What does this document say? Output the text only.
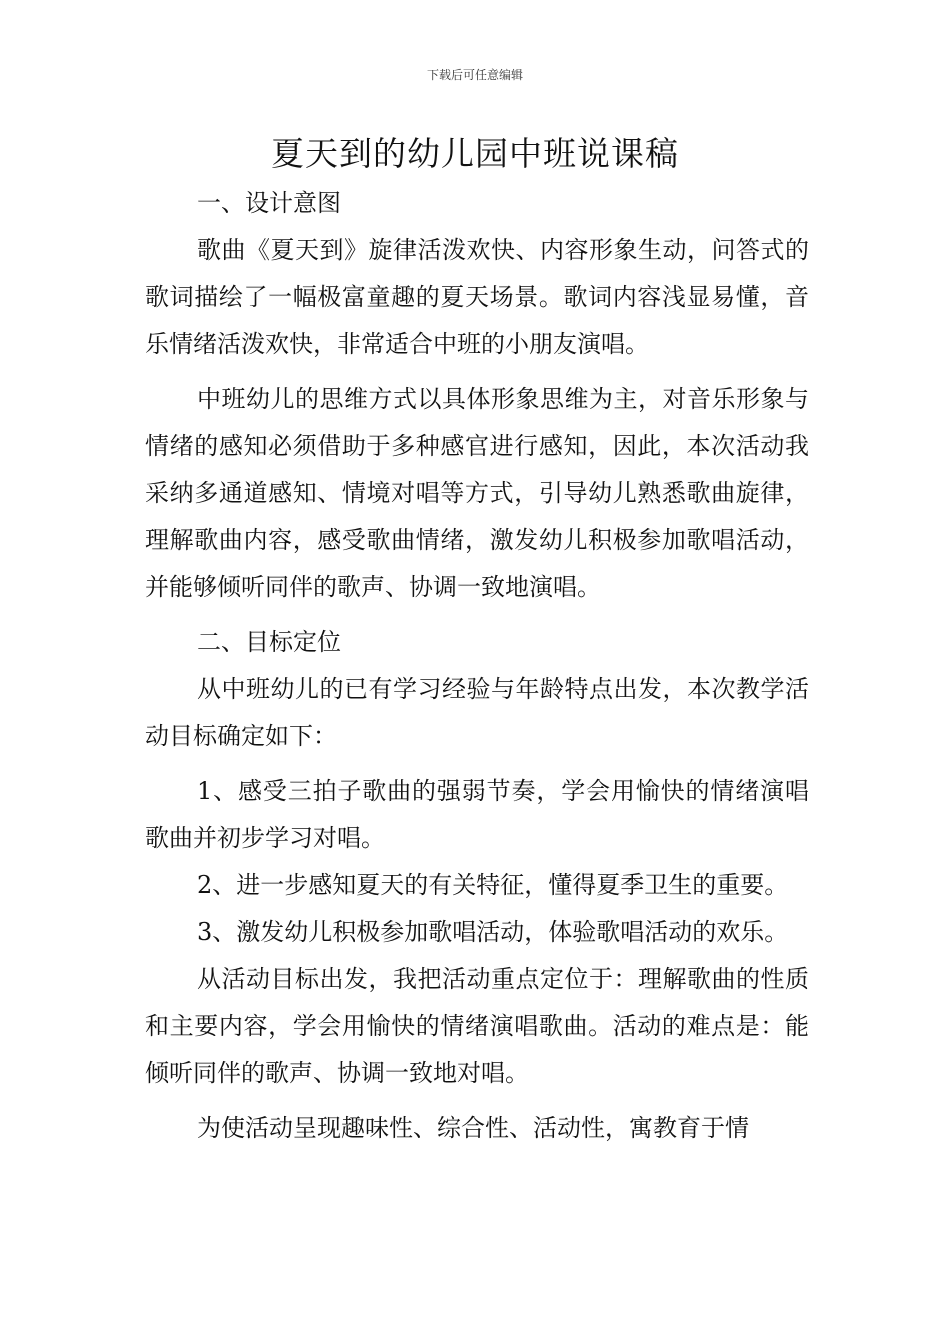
下载后可任意编辑
夏天到的幼儿园中班说课稿

一、设计意图

歌曲《夏天到》旋律活泼欢快、内容形象生动，问答式的歌词描绘了一幅极富童趣的夏天场景。歌词内容浅显易懂，音乐情绪活泼欢快，非常适合中班的小朋友演唱。

中班幼儿的思维方式以具体形象思维为主，对音乐形象与情绪的感知必须借助于多种感官进行感知，因此，本次活动我采纳多通道感知、情境对唱等方式，引导幼儿熟悉歌曲旋律，理解歌曲内容，感受歌曲情绪，激发幼儿积极参加歌唱活动，并能够倾听同伴的歌声、协调一致地演唱。

二、目标定位

从中班幼儿的已有学习经验与年龄特点出发，本次教学活动目标确定如下：

1、感受三拍子歌曲的强弱节奏，学会用愉快的情绪演唱歌曲并初步学习对唱。

2、进一步感知夏天的有关特征，懂得夏季卫生的重要。

3、激发幼儿积极参加歌唱活动，体验歌唱活动的欢乐。

从活动目标出发，我把活动重点定位于：理解歌曲的性质和主要内容，学会用愉快的情绪演唱歌曲。活动的难点是：能倾听同伴的歌声、协调一致地对唱。

为使活动呈现趣味性、综合性、活动性，寓教育于情
